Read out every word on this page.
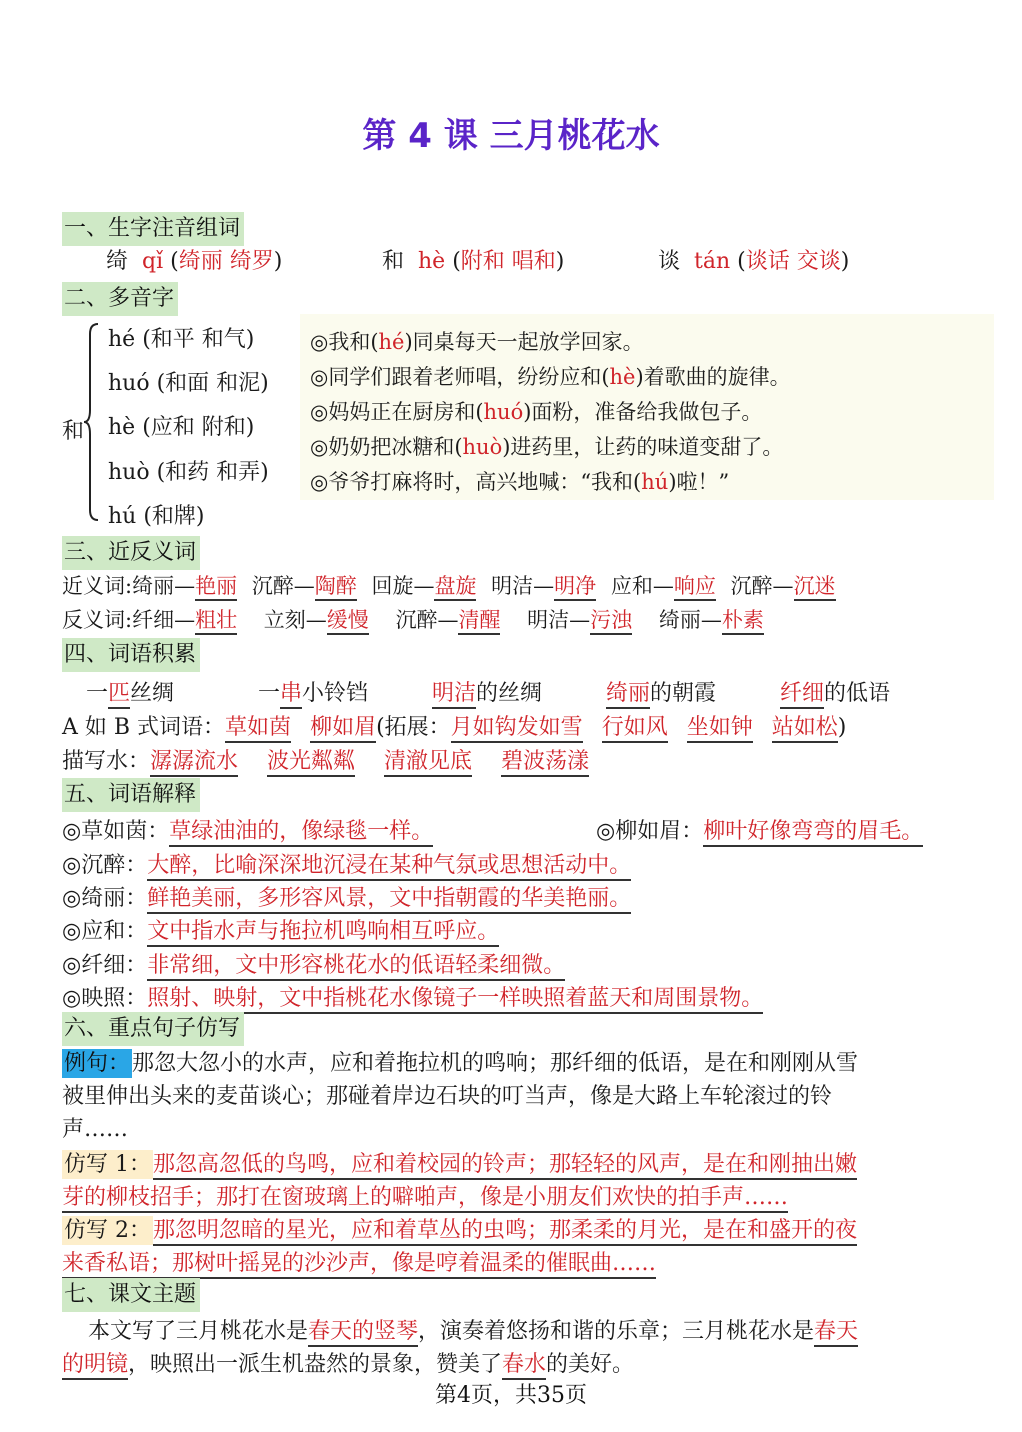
第 4 课 三月桃花水
一、生字注音组词
绮 qǐ (绮丽 绮罗)	和 hè (附和 唱和)	谈 tán (谈话 交谈)
二、多音字
和
hé (和平 和气)
huó (和面 和泥)
hè (应和 附和)
huò (和药 和弄)
hú (和牌)
◎我和(hé)同桌每天一起放学回家。
◎同学们跟着老师唱，纷纷应和(hè)着歌曲的旋律。
◎妈妈正在厨房和(huó)面粉，准备给我做包子。
◎奶奶把冰糖和(huò)进药里，让药的味道变甜了。
◎爷爷打麻将时，高兴地喊：“我和(hú)啦！”
三、近反义词
近义词:绮丽—艳丽 沉醉—陶醉 回旋—盘旋 明洁—明净 应和—响应 沉醉—沉迷
反义词:纤细—粗壮 立刻—缓慢 沉醉—清醒 明洁—污浊 绮丽—朴素
四、词语积累
一匹丝绸	一串小铃铛	明洁的丝绸	绮丽的朝霞	纤细的低语
A 如 B 式词语：草如茵 柳如眉(拓展：月如钩发如雪 行如风 坐如钟 站如松)
描写水：潺潺流水 波光粼粼 清澈见底 碧波荡漾
五、词语解释
◎草如茵：草绿油油的，像绿毯一样。	◎柳如眉：柳叶好像弯弯的眉毛。
◎沉醉：大醉，比喻深深地沉浸在某种气氛或思想活动中。
◎绮丽：鲜艳美丽，多形容风景，文中指朝霞的华美艳丽。
◎应和：文中指水声与拖拉机鸣响相互呼应。
◎纤细：非常细，文中形容桃花水的低语轻柔细微。
◎映照：照射、映射，文中指桃花水像镜子一样映照着蓝天和周围景物。
六、重点句子仿写
例句：那忽大忽小的水声，应和着拖拉机的鸣响；那纤细的低语，是在和刚刚从雪
被里伸出头来的麦苗谈心；那碰着岸边石块的叮当声，像是大路上车轮滚过的铃
声……
仿写 1：那忽高忽低的鸟鸣，应和着校园的铃声；那轻轻的风声，是在和刚抽出嫩
芽的柳枝招手；那打在窗玻璃上的噼啪声，像是小朋友们欢快的拍手声……
仿写 2：那忽明忽暗的星光，应和着草丛的虫鸣；那柔柔的月光，是在和盛开的夜
来香私语；那树叶摇晃的沙沙声，像是哼着温柔的催眠曲……
七、课文主题
本文写了三月桃花水是春天的竖琴，演奏着悠扬和谐的乐章；三月桃花水是春天
的明镜，映照出一派生机盎然的景象，赞美了春水的美好。
第4页，共35页
